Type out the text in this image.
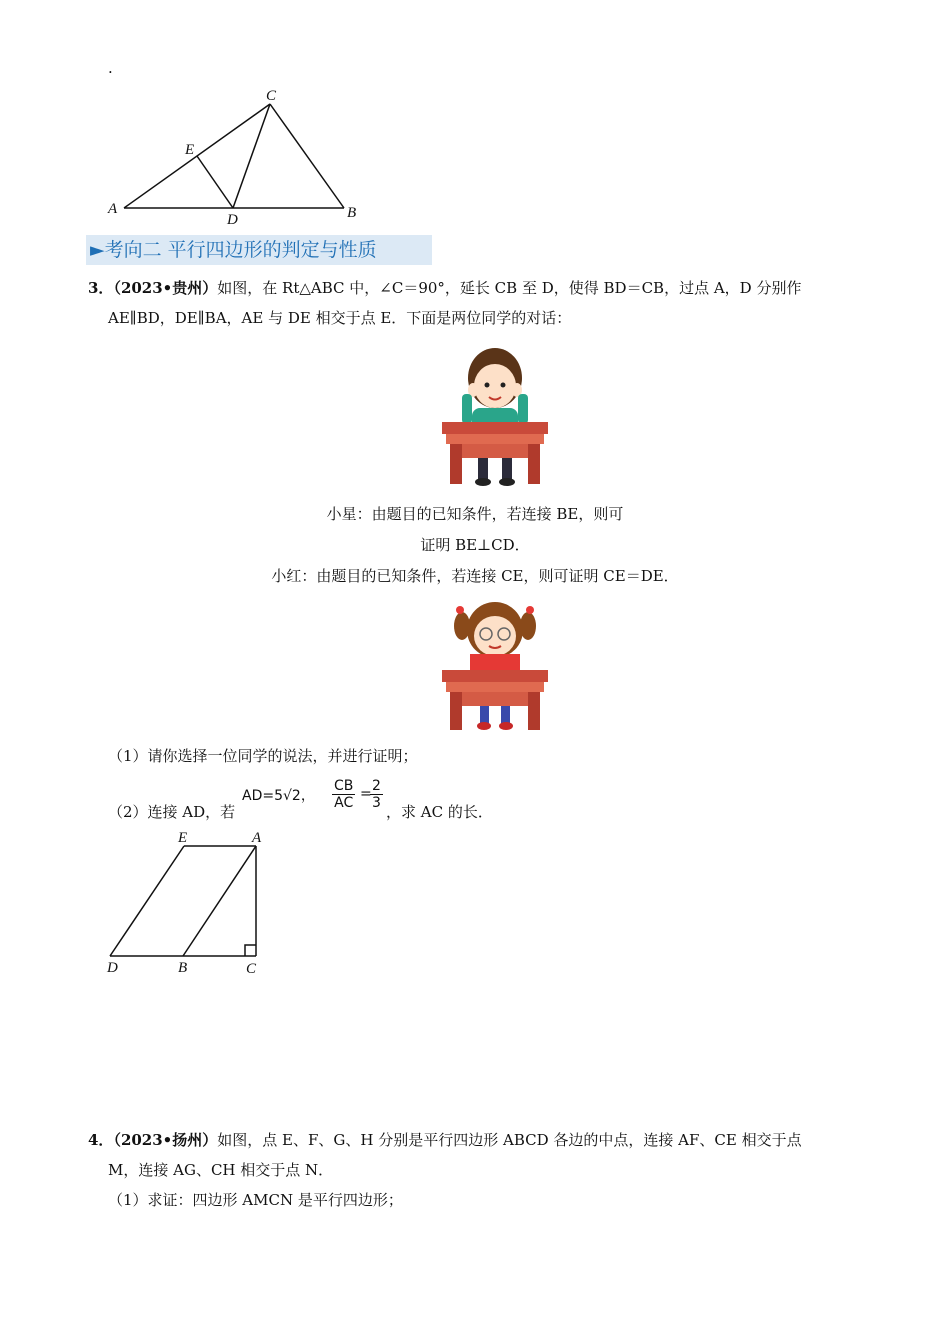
·
A	B
C
D
E
►考向二 平行四边形的判定与性质
3．（2023•贵州）如图，在 Rt△ABC 中，∠C＝90°，延长 CB 至 D，使得 BD＝CB，过点 A，D 分别作
AE∥BD，DE∥BA，AE 与 DE 相交于点 E．下面是两位同学的对话：
小星：由题目的已知条件，若连接 BE，则可
证明 BE⊥CD．
小红：由题目的已知条件，若连接 CE，则可证明 CE＝DE．
（1）请你选择一位同学的说法，并进行证明；
（2）连接 AD，若
AD=5√2， $\frac{CB}{AC}$ =
$\frac{2}{3}$
，求 AC 的长．
E	A
D	B	C
4．（2023•扬州）如图，点 E、F、G、H 分别是平行四边形 ABCD 各边的中点，连接 AF、CE 相交于点
M，连接 AG、CH 相交于点 N．
（1）求证：四边形 AMCN 是平行四边形；
